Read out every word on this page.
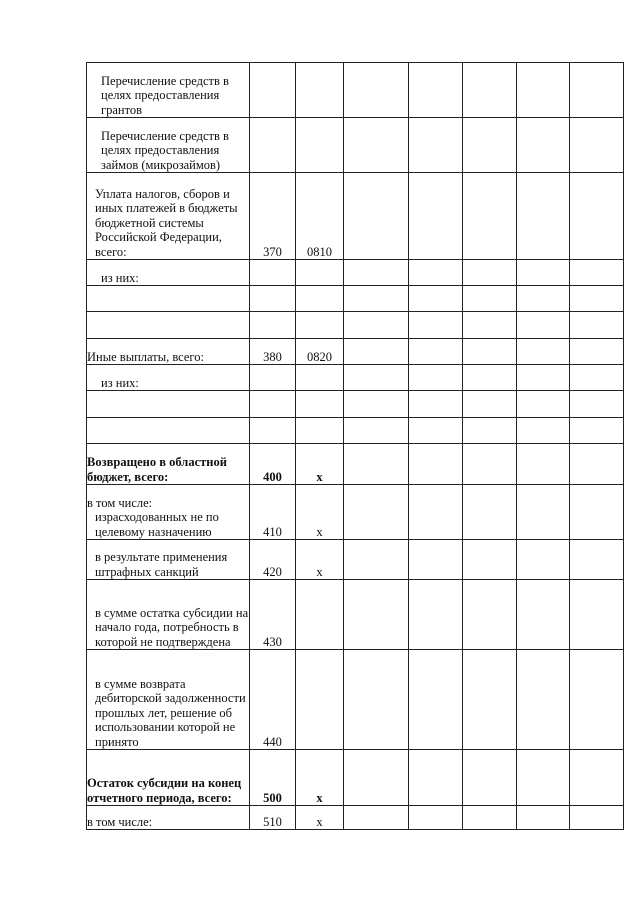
Перечисление средств в целях предоставления грантов							

Перечисление средств в целях предоставления займов (микрозаймов)							

Уплата налогов, сборов и иных платежей в бюджеты бюджетной системы Российской Федерации, всего:	370	0810					

из них:							

Иные выплаты, всего:	380	0820					

из них:							

Возвращено в областной бюджет, всего:	400	x					

в том числе:
израсходованных не по целевому назначению	410	x					

в результате применения штрафных санкций	420	x					

в сумме остатка субсидии на начало года, потребность в которой не подтверждена	430						

в сумме возврата дебиторской задолженности прошлых лет, решение об использовании которой не принято	440						

Остаток субсидии на конец отчетного периода, всего:	500	x					

в том числе:	510	x					
